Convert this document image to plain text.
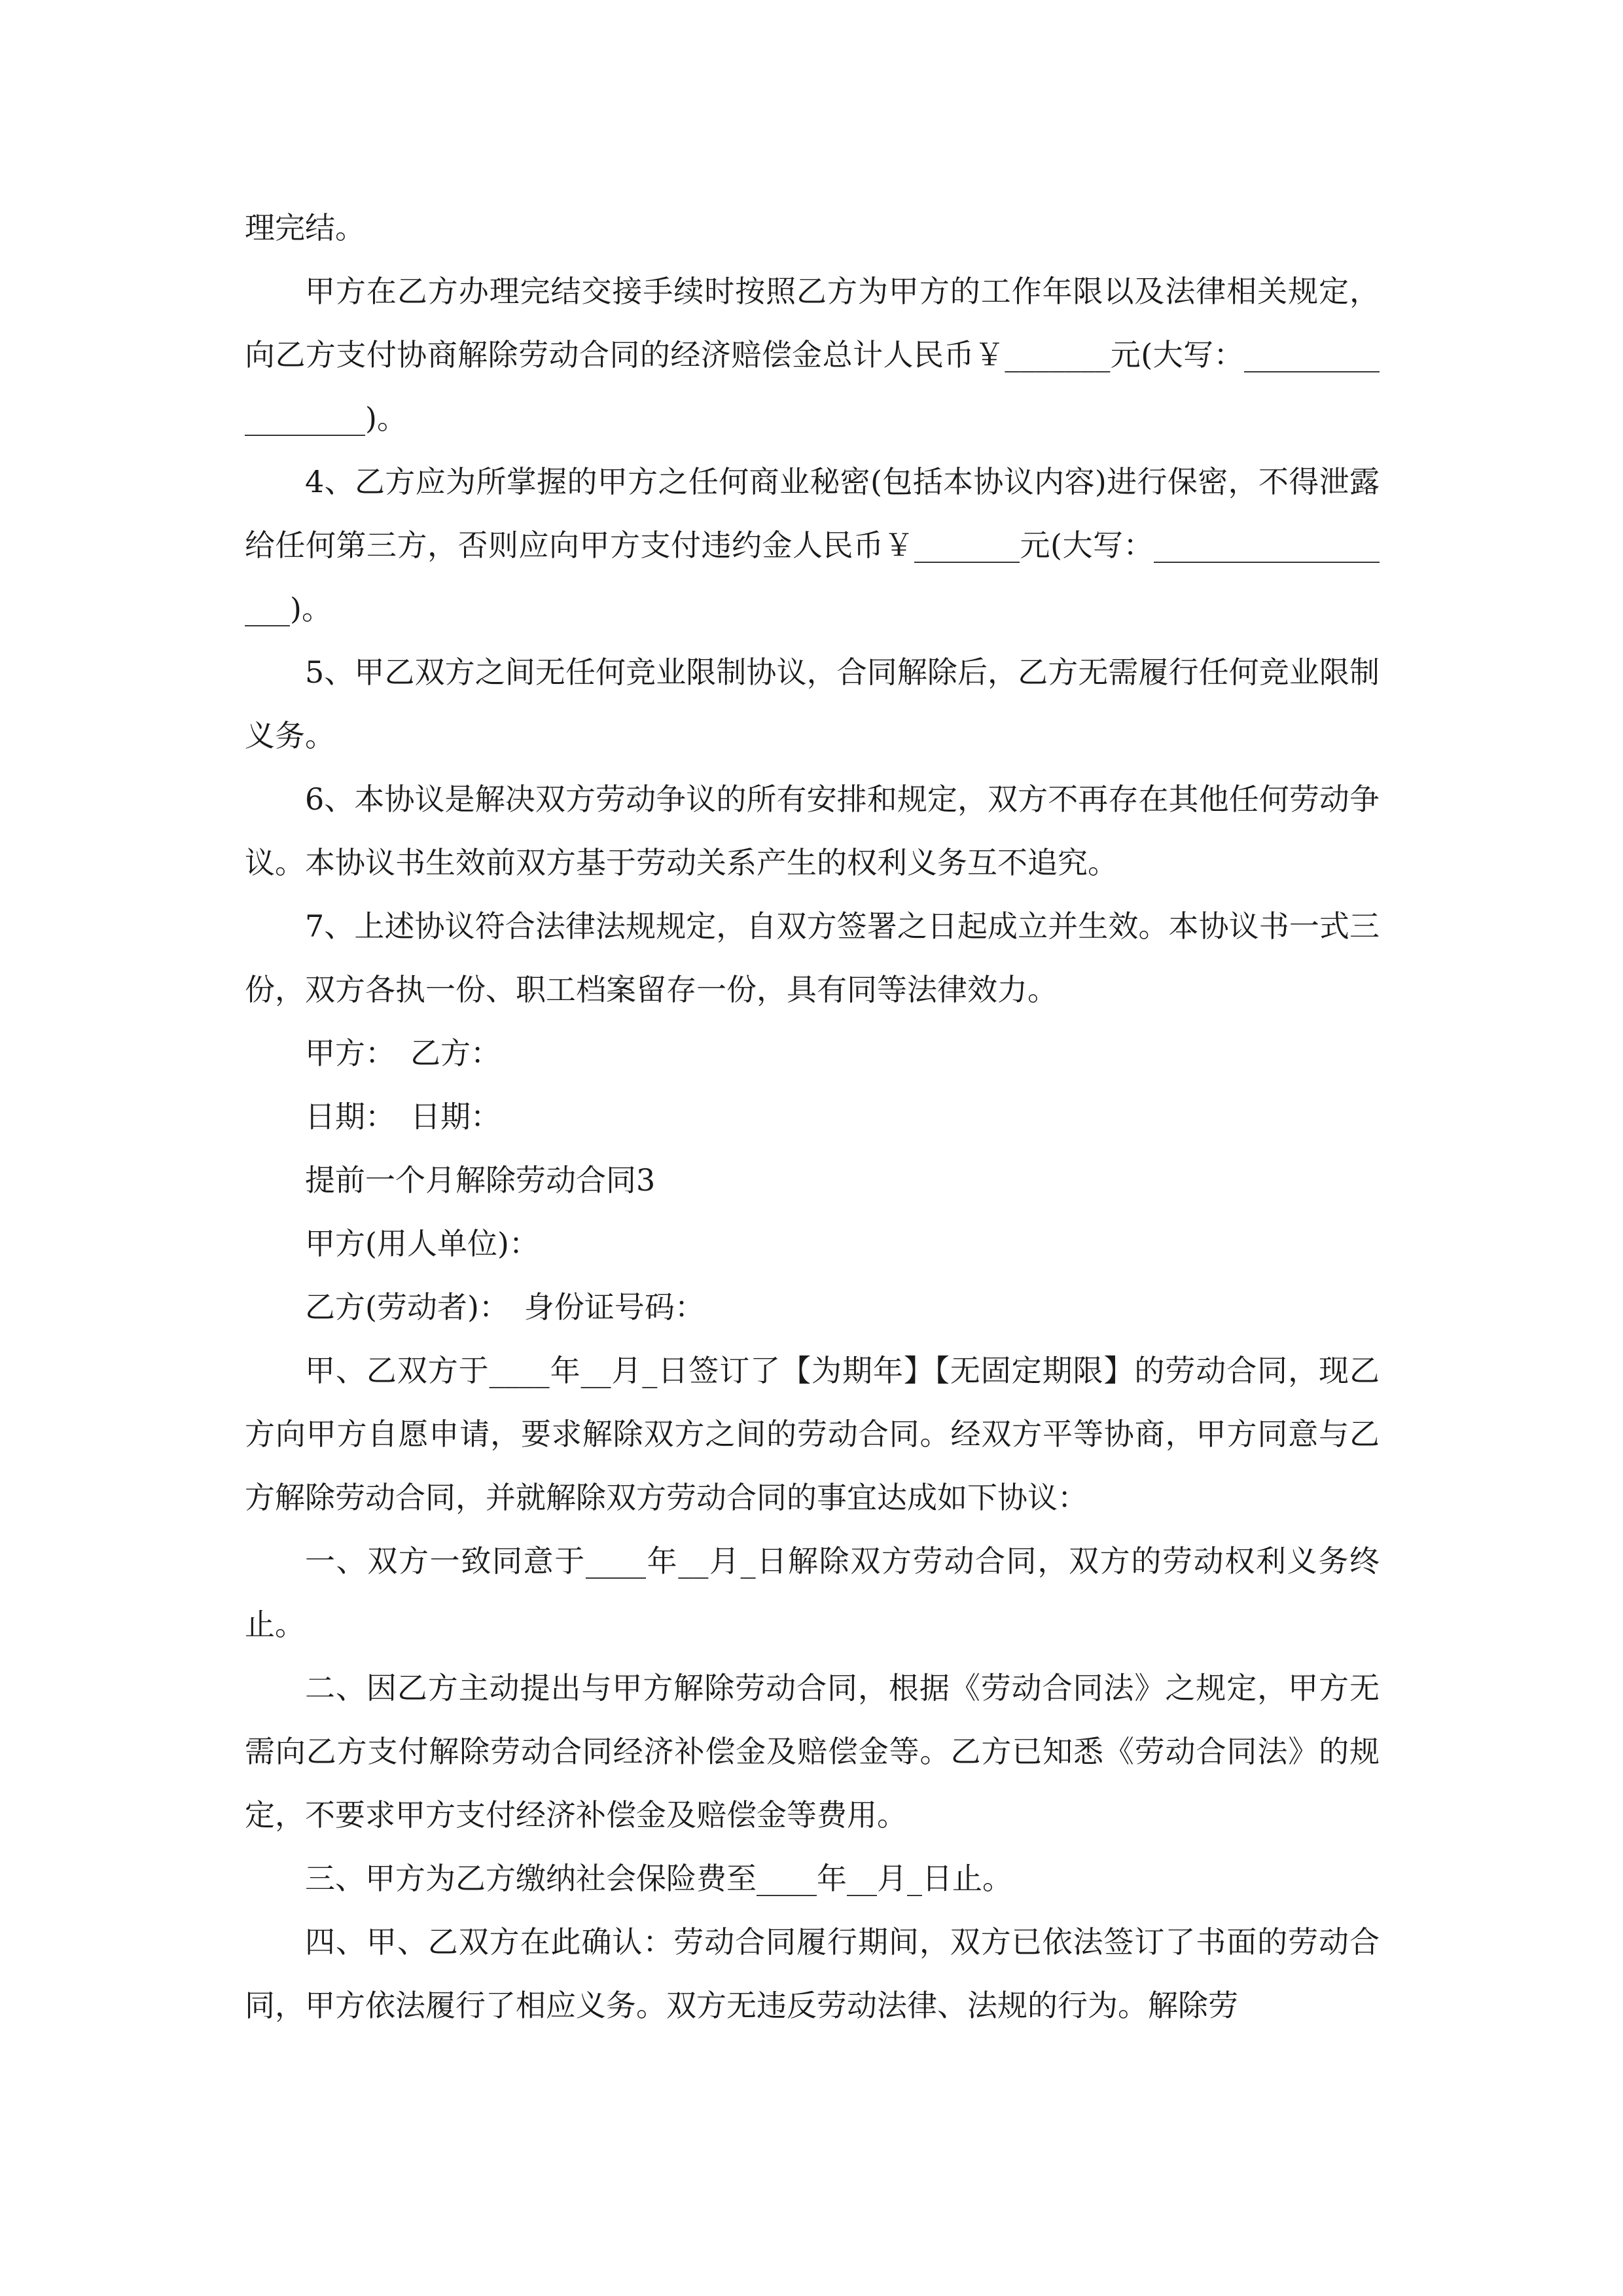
理完结。

甲方在乙方办理完结交接手续时按照乙方为甲方的工作年限以及法律相关规定，向乙方支付协商解除劳动合同的经济赔偿金总计人民币￥_______元(大写：_________________)。

4、乙方应为所掌握的甲方之任何商业秘密(包括本协议内容)进行保密，不得泄露给任何第三方，否则应向甲方支付违约金人民币￥_______元(大写：__________________)。

5、甲乙双方之间无任何竞业限制协议，合同解除后，乙方无需履行任何竞业限制义务。

6、本协议是解决双方劳动争议的所有安排和规定，双方不再存在其他任何劳动争议。本协议书生效前双方基于劳动关系产生的权利义务互不追究。

7、上述协议符合法律法规规定，自双方签署之日起成立并生效。本协议书一式三份，双方各执一份、职工档案留存一份，具有同等法律效力。

甲方：　乙方：

日期：　日期：

提前一个月解除劳动合同3

甲方(用人单位)：

乙方(劳动者)：　身份证号码：

甲、乙双方于____年__月_日签订了【为期年】【无固定期限】的劳动合同，现乙方向甲方自愿申请，要求解除双方之间的劳动合同。经双方平等协商，甲方同意与乙方解除劳动合同，并就解除双方劳动合同的事宜达成如下协议：

一、双方一致同意于____年__月_日解除双方劳动合同，双方的劳动权利义务终止。

二、因乙方主动提出与甲方解除劳动合同，根据《劳动合同法》之规定，甲方无需向乙方支付解除劳动合同经济补偿金及赔偿金等。乙方已知悉《劳动合同法》的规定，不要求甲方支付经济补偿金及赔偿金等费用。

三、甲方为乙方缴纳社会保险费至____年__月_日止。

四、甲、乙双方在此确认：劳动合同履行期间，双方已依法签订了书面的劳动合同，甲方依法履行了相应义务。双方无违反劳动法律、法规的行为。解除劳
